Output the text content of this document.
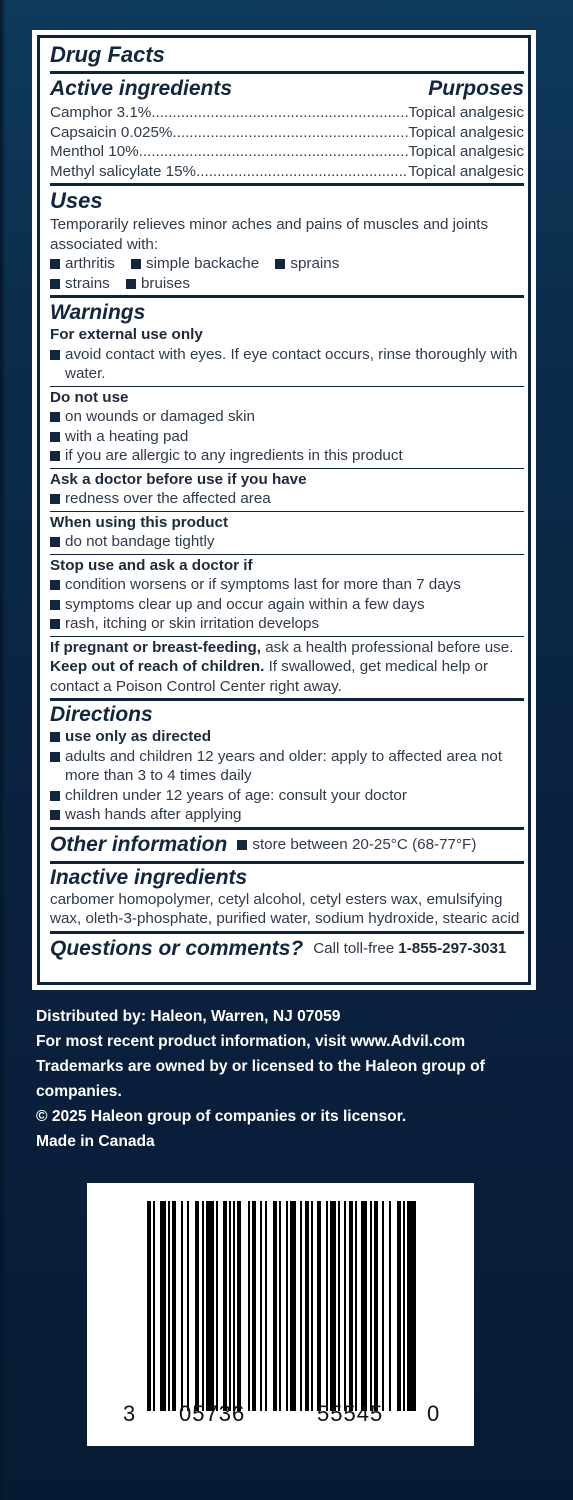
Drug Facts
Active ingredients	Purposes
Camphor 3.1% .....	Topical analgesic
Capsaicin 0.025% .....	Topical analgesic
Menthol 10% .....	Topical analgesic
Methyl salicylate 15% .....	Topical analgesic
Uses
Temporarily relieves minor aches and pains of muscles and joints associated with:
arthritis simple backache sprains
strains bruises
Warnings
For external use only
avoid contact with eyes. If eye contact occurs, rinse thoroughly with water.
Do not use
on wounds or damaged skin
with a heating pad
if you are allergic to any ingredients in this product
Ask a doctor before use if you have
redness over the affected area
When using this product
do not bandage tightly
Stop use and ask a doctor if
condition worsens or if symptoms last for more than 7 days
symptoms clear up and occur again within a few days
rash, itching or skin irritation develops
If pregnant or breast-feeding, ask a health professional before use. Keep out of reach of children. If swallowed, get medical help or contact a Poison Control Center right away.
Directions
use only as directed
adults and children 12 years and older: apply to affected area not more than 3 to 4 times daily
children under 12 years of age: consult your doctor
wash hands after applying
Other information	store between 20-25°C (68-77°F)
Inactive ingredients
carbomer homopolymer, cetyl alcohol, cetyl esters wax, emulsifying wax, oleth-3-phosphate, purified water, sodium hydroxide, stearic acid
Questions or comments? Call toll-free 1-855-297-3031
Distributed by: Haleon, Warren, NJ 07059
For most recent product information, visit www.Advil.com
Trademarks are owned by or licensed to the Haleon group of companies.
© 2025 Haleon group of companies or its licensor.
Made in Canada
3 05736	55545 0
